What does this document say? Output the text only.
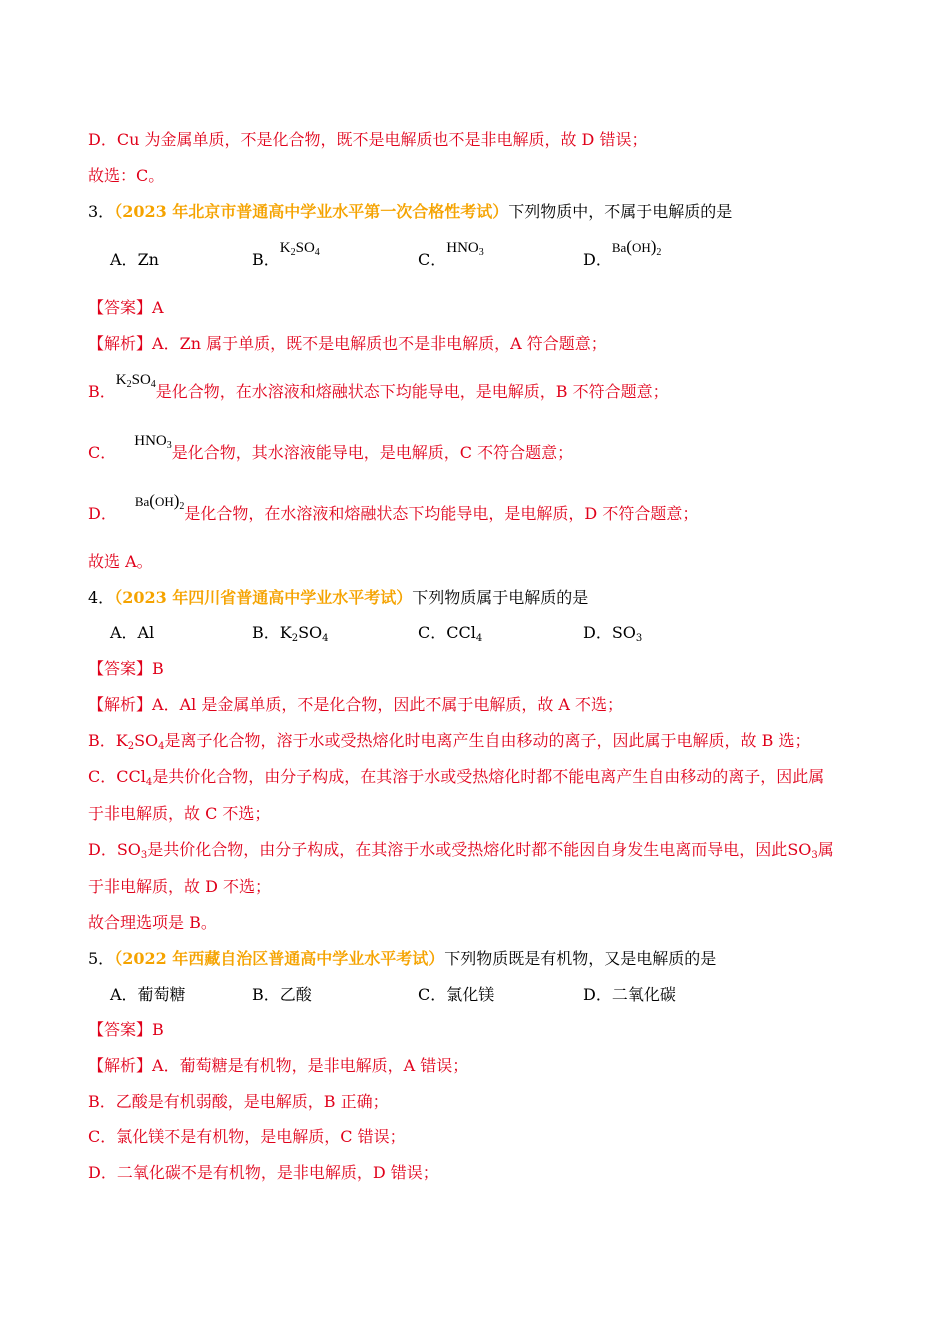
D．Cu 为金属单质，不是化合物，既不是电解质也不是非电解质，故 D 错误；
故选：C。
3．（2023 年北京市普通高中学业水平第一次合格性考试）下列物质中，不属于电解质的是
A．Zn	B．$K_2SO_4$	C．$HNO_3$	D．$^{Ba(OH)_2}$
【答案】A
【解析】A．Zn 属于单质，既不是电解质也不是非电解质，A 符合题意；
B．$K_2SO_4$是化合物，在水溶液和熔融状态下均能导电，是电解质，B 不符合题意；
C．$HNO_3$是化合物，其水溶液能导电，是电解质，C 不符合题意；
D．$^{Ba(OH)_2}$是化合物，在水溶液和熔融状态下均能导电，是电解质，D 不符合题意；
故选 A。
4．（2023 年四川省普通高中学业水平考试）下列物质属于电解质的是
A．Al	B．$K_2SO_4$	C．CCl$_4$	D．$SO_3$
【答案】B
【解析】A．Al 是金属单质，不是化合物，因此不属于电解质，故 A 不选；
B．$K_2SO_4$是离子化合物，溶于水或受热熔化时电离产生自由移动的离子，因此属于电解质，故 B 选；
C．CCl$_4$是共价化合物，由分子构成，在其溶于水或受热熔化时都不能电离产生自由移动的离子，因此属
于非电解质，故 C 不选；
D．$SO_3$是共价化合物，由分子构成，在其溶于水或受热熔化时都不能因自身发生电离而导电，因此$SO_3$属
于非电解质，故 D 不选；
故合理选项是 B。
5．（2022 年西藏自治区普通高中学业水平考试）下列物质既是有机物，又是电解质的是
A．葡萄糖	B．乙酸	C．氯化镁	D．二氧化碳
【答案】B
【解析】A．葡萄糖是有机物，是非电解质，A 错误；
B．乙酸是有机弱酸，是电解质，B 正确；
C．氯化镁不是有机物，是电解质，C 错误；
D．二氧化碳不是有机物，是非电解质，D 错误；
